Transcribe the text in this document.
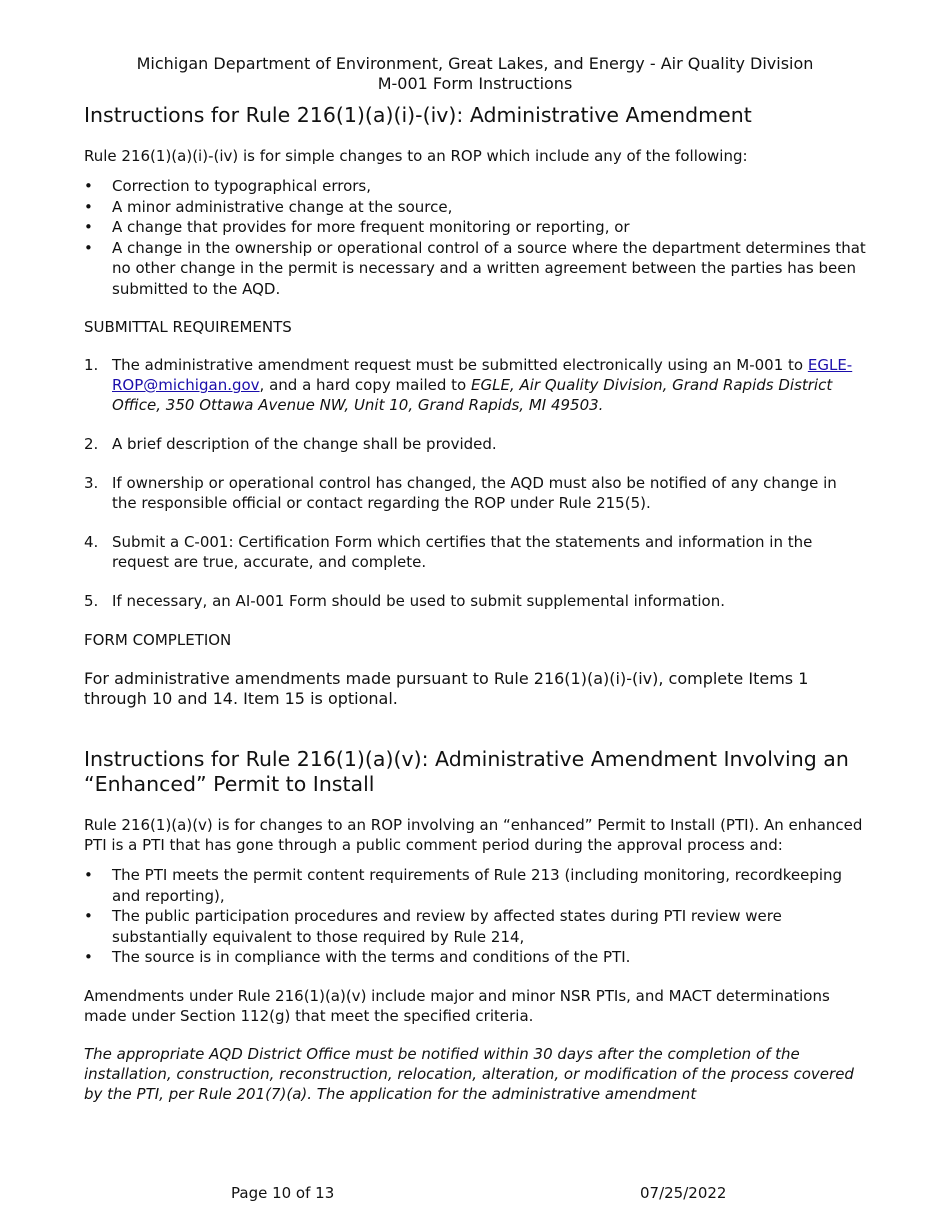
Michigan Department of Environment, Great Lakes, and Energy - Air Quality Division
M-001 Form Instructions
Instructions for Rule 216(1)(a)(i)-(iv): Administrative Amendment

Rule 216(1)(a)(i)-(iv) is for simple changes to an ROP which include any of the following:

•	Correction to typographical errors,
•	A minor administrative change at the source,
•	A change that provides for more frequent monitoring or reporting, or
•	A change in the ownership or operational control of a source where the department determines that no other change in the permit is necessary and a written agreement between the parties has been submitted to the AQD.

SUBMITTAL REQUIREMENTS

1. The administrative amendment request must be submitted electronically using an M-001 to EGLE-ROP@michigan.gov, and a hard copy mailed to EGLE, Air Quality Division, Grand Rapids District Office, 350 Ottawa Avenue NW, Unit 10, Grand Rapids, MI 49503.
2. A brief description of the change shall be provided.
3. If ownership or operational control has changed, the AQD must also be notified of any change in the responsible official or contact regarding the ROP under Rule 215(5).
4. Submit a C-001: Certification Form which certifies that the statements and information in the request are true, accurate, and complete.
5. If necessary, an AI-001 Form should be used to submit supplemental information.

FORM COMPLETION

For administrative amendments made pursuant to Rule 216(1)(a)(i)-(iv), complete Items 1 through 10 and 14. Item 15 is optional.

Instructions for Rule 216(1)(a)(v): Administrative Amendment Involving an “Enhanced” Permit to Install

Rule 216(1)(a)(v) is for changes to an ROP involving an “enhanced” Permit to Install (PTI). An enhanced PTI is a PTI that has gone through a public comment period during the approval process and:

•	The PTI meets the permit content requirements of Rule 213 (including monitoring, recordkeeping and reporting),
•	The public participation procedures and review by affected states during PTI review were substantially equivalent to those required by Rule 214,
•	The source is in compliance with the terms and conditions of the PTI.

Amendments under Rule 216(1)(a)(v) include major and minor NSR PTIs, and MACT determinations made under Section 112(g) that meet the specified criteria.

The appropriate AQD District Office must be notified within 30 days after the completion of the installation, construction, reconstruction, relocation, alteration, or modification of the process covered by the PTI, per Rule 201(7)(a). The application for the administrative amendment

Page 10 of 13	07/25/2022
